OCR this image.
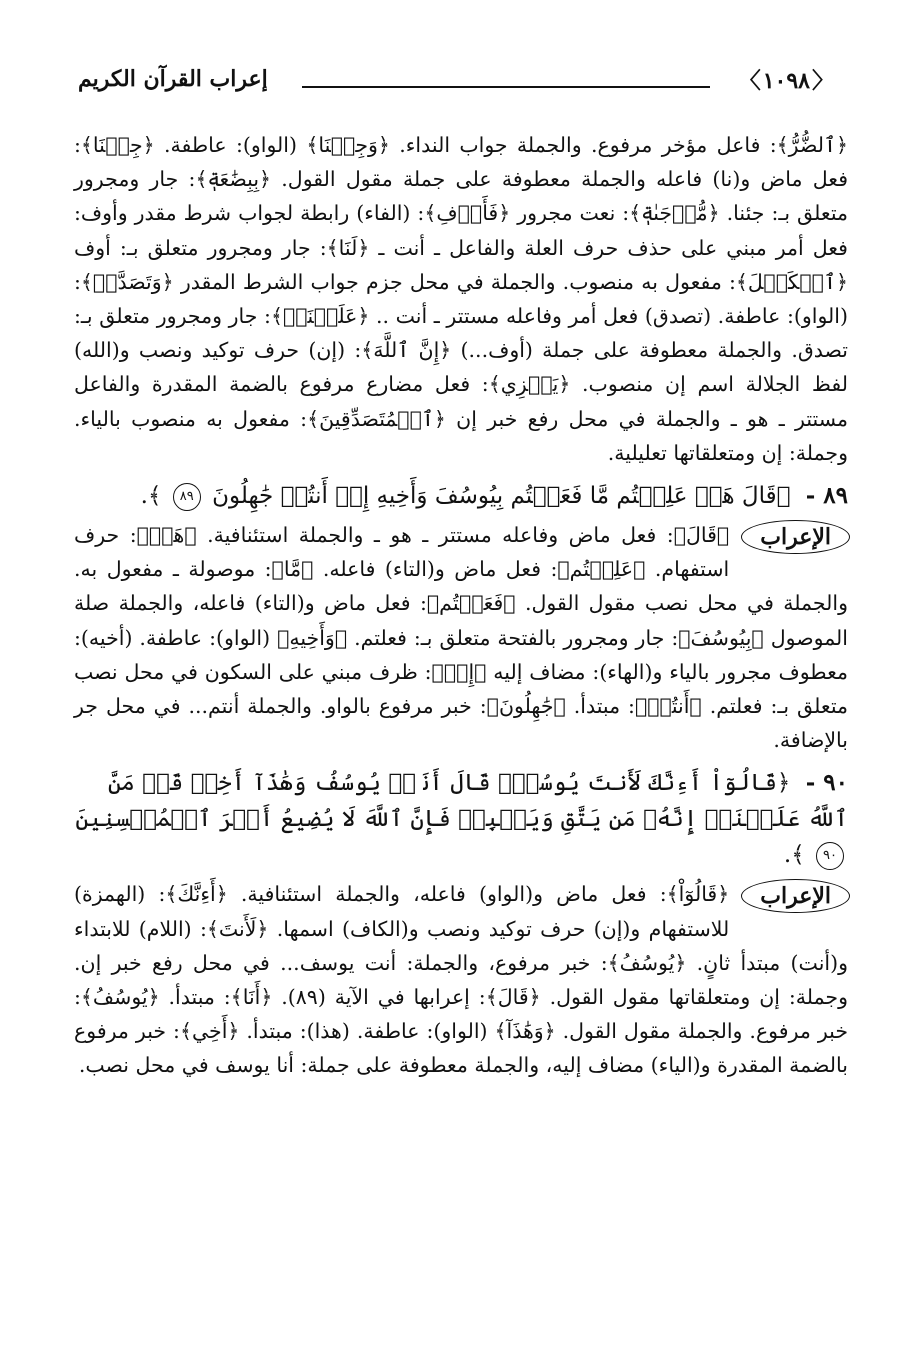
〈 ١٠٩٨ 〉
إعراب القرآن الكريم

﴿ٱلضُّرُّ﴾: فاعل مؤخر مرفوع. والجملة جواب النداء. ﴿وَجِئۡنَا﴾ (الواو): عاطفة. ﴿جِئۡنَا﴾: فعل ماض و(نا) فاعله والجملة معطوفة على جملة مقول القول. ﴿بِبِضَٰعَةٖ﴾: جار ومجرور متعلق بـ: جئنا. ﴿مُّزۡجَىٰةٖ﴾: نعت مجرور ﴿فَأَوۡفِ﴾: (الفاء) رابطة لجواب شرط مقدر وأوف: فعل أمر مبني على حذف حرف العلة والفاعل ـ أنت ـ ﴿لَنَا﴾: جار ومجرور متعلق بـ: أوف ﴿ٱلۡكَيۡلَ﴾: مفعول به منصوب. والجملة في محل جزم جواب الشرط المقدر ﴿وَتَصَدَّقۡ﴾: (الواو): عاطفة. (تصدق) فعل أمر وفاعله مستتر ـ أنت .. ﴿عَلَيۡنَآۖ﴾: جار ومجرور متعلق بـ: تصدق. والجملة معطوفة على جملة (أوف...) ﴿إِنَّ ٱللَّهَ﴾: (إن) حرف توكيد ونصب و(الله) لفظ الجلالة اسم إن منصوب. ﴿يَجۡزِي﴾: فعل مضارع مرفوع بالضمة المقدرة والفاعل مستتر ـ هو ـ والجملة في محل رفع خبر إن ﴿ٱلۡمُتَصَدِّقِينَ﴾: مفعول به منصوب بالياء. وجملة: إن ومتعلقاتها تعليلية.

٨٩ - ﴿قَالَ هَلۡ عَلِمۡتُم مَّا فَعَلۡتُم بِيُوسُفَ وَأَخِيهِ إِذۡ أَنتُمۡ جَٰهِلُونَ ٨٩ ﴾.
الإعراب

﴿قَالَ﴾: فعل ماض وفاعله مستتر ـ هو ـ والجملة استئنافية. ﴿هَلۡ﴾: حرف استفهام. ﴿عَلِمۡتُم﴾: فعل ماض و(التاء) فاعله. ﴿مَّا﴾: موصولة ـ مفعول به. والجملة في محل نصب مقول القول. ﴿فَعَلۡتُم﴾: فعل ماض و(التاء) فاعله، والجملة صلة الموصول ﴿بِيُوسُفَ﴾: جار ومجرور بالفتحة متعلق بـ: فعلتم. ﴿وَأَخِيهِ﴾ (الواو): عاطفة. (أخيه): معطوف مجرور بالياء و(الهاء): مضاف إليه ﴿إِذۡ﴾: ظرف مبني على السكون في محل نصب متعلق بـ: فعلتم. ﴿أَنتُمۡ﴾: مبتدأ. ﴿جَٰهِلُونَ﴾: خبر مرفوع بالواو. والجملة أنتم... في محل جر بالإضافة.

٩٠ - ﴿قَالُوٓاْ أَءِنَّكَ لَأَنتَ يُوسُفُۖ قَالَ أَنَا۠ يُوسُفُ وَهَٰذَآ أَخِيۖ قَدۡ مَنَّ ٱللَّهُ عَلَيۡنَآۖ إِنَّهُۥ مَن يَتَّقِ وَيَصۡبِرۡ فَإِنَّ ٱللَّهَ لَا يُضِيعُ أَجۡرَ ٱلۡمُحۡسِنِينَ ٩٠ ﴾.
الإعراب

﴿قَالُوٓاْ﴾: فعل ماض و(الواو) فاعله، والجملة استئنافية. ﴿أَءِنَّكَ﴾: (الهمزة) للاستفهام و(إن) حرف توكيد ونصب و(الكاف) اسمها. ﴿لَأَنتَ﴾: (اللام) للابتداء و(أنت) مبتدأ ثانٍ. ﴿يُوسُفُ﴾: خبر مرفوع، والجملة: أنت يوسف... في محل رفع خبر إن. وجملة: إن ومتعلقاتها مقول القول. ﴿قَالَ﴾: إعرابها في الآية (٨٩). ﴿أَنَا﴾: مبتدأ. ﴿يُوسُفُ﴾: خبر مرفوع. والجملة مقول القول. ﴿وَهَٰذَآ﴾ (الواو): عاطفة. (هذا): مبتدأ. ﴿أَخِي﴾: خبر مرفوع بالضمة المقدرة و(الياء) مضاف إليه، والجملة معطوفة على جملة: أنا يوسف في محل نصب.
